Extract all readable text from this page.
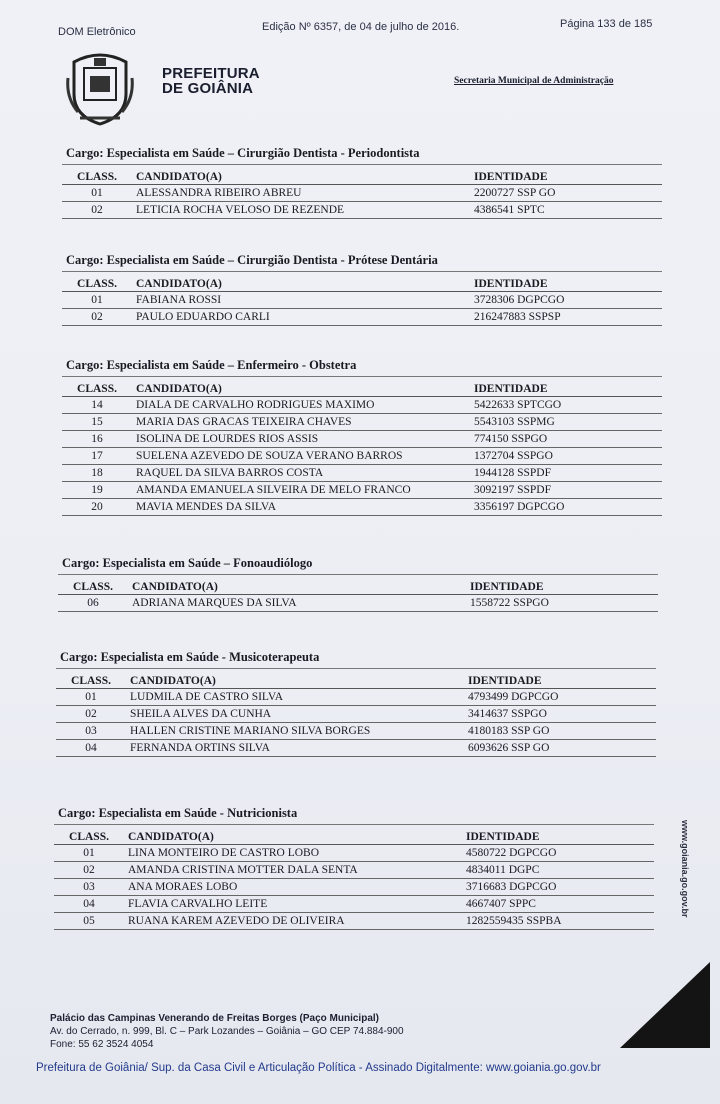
DOM Eletrônico	Edição Nº 6357, de 04 de julho de 2016.	Página 133 de 185
PREFEITURA
DE GOIÂNIA	Secretaria Municipal de Administração
Cargo: Especialista em Saúde – Cirurgião Dentista - Periodontista
CLASS.	CANDIDATO(A)	IDENTIDADE
01	ALESSANDRA RIBEIRO ABREU	2200727 SSP GO
02	LETICIA ROCHA VELOSO DE REZENDE	4386541 SPTC
Cargo: Especialista em Saúde – Cirurgião Dentista - Prótese Dentária
CLASS.	CANDIDATO(A)	IDENTIDADE
01	FABIANA ROSSI	3728306 DGPCGO
02	PAULO EDUARDO CARLI	216247883 SSPSP
Cargo: Especialista em Saúde – Enfermeiro - Obstetra
CLASS.	CANDIDATO(A)	IDENTIDADE
14	DIALA DE CARVALHO RODRIGUES MAXIMO	5422633 SPTCGO
15	MARIA DAS GRACAS TEIXEIRA CHAVES	5543103 SSPMG
16	ISOLINA DE LOURDES RIOS ASSIS	774150 SSPGO
17	SUELENA AZEVEDO DE SOUZA VERANO BARROS	1372704 SSPGO
18	RAQUEL DA SILVA BARROS COSTA	1944128 SSPDF
19	AMANDA EMANUELA SILVEIRA DE MELO FRANCO	3092197 SSPDF
20	MAVIA MENDES DA SILVA	3356197 DGPCGO
Cargo: Especialista em Saúde – Fonoaudiólogo
CLASS.	CANDIDATO(A)	IDENTIDADE
06	ADRIANA MARQUES DA SILVA	1558722 SSPGO
Cargo: Especialista em Saúde - Musicoterapeuta
CLASS.	CANDIDATO(A)	IDENTIDADE
01	LUDMILA DE CASTRO SILVA	4793499 DGPCGO
02	SHEILA ALVES DA CUNHA	3414637 SSPGO
03	HALLEN CRISTINE MARIANO SILVA BORGES	4180183 SSP GO
04	FERNANDA ORTINS SILVA	6093626 SSP GO
Cargo: Especialista em Saúde - Nutricionista
CLASS.	CANDIDATO(A)	IDENTIDADE
01	LINA MONTEIRO DE CASTRO LOBO	4580722 DGPCGO
02	AMANDA CRISTINA MOTTER DALA SENTA	4834011 DGPC
03	ANA MORAES LOBO	3716683 DGPCGO
04	FLAVIA CARVALHO LEITE	4667407 SPPC
05	RUANA KAREM AZEVEDO DE OLIVEIRA	1282559435 SSPBA
Palácio das Campinas Venerando de Freitas Borges (Paço Municipal)
Av. do Cerrado, n. 999, Bl. C – Park Lozandes – Goiânia – GO CEP 74.884-900
Fone: 55 62 3524 4054
Prefeitura de Goiânia/ Sup. da Casa Civil e Articulação Política - Assinado Digitalmente: www.goiania.go.gov.br
www.goiania.go.gov.br
